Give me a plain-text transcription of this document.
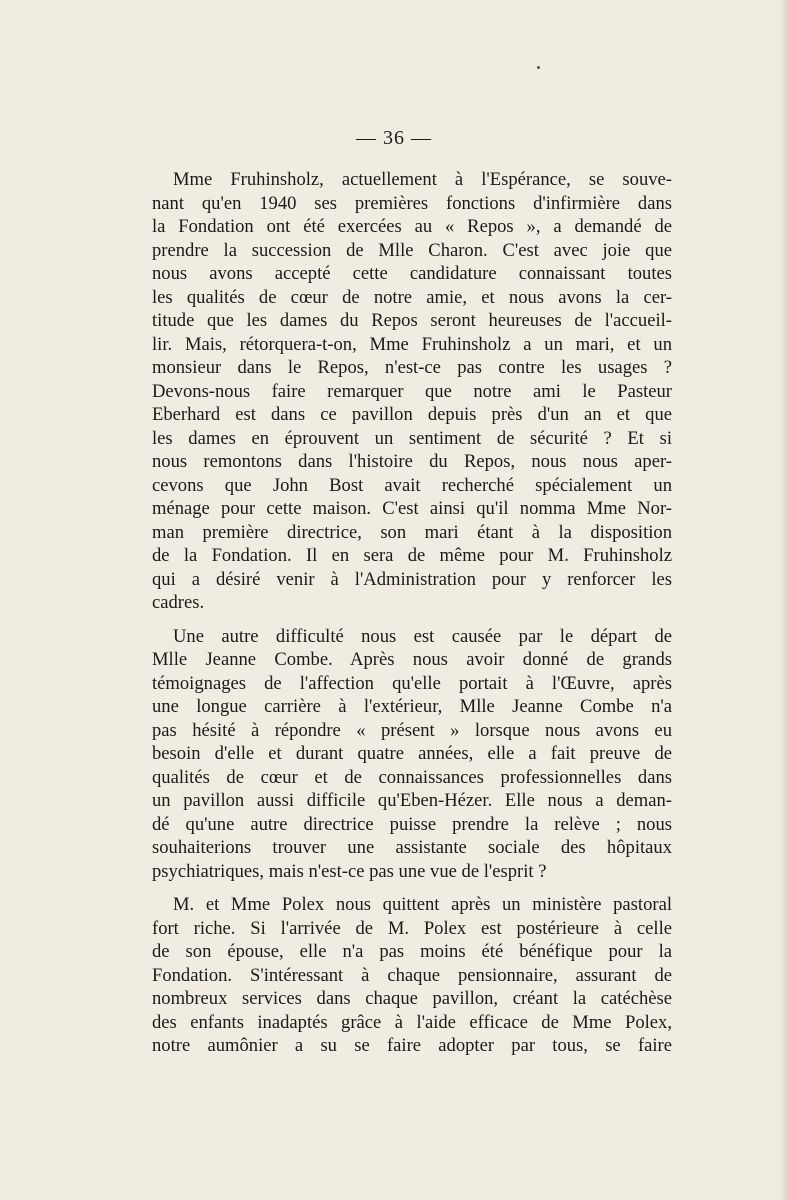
— 36 —
Mme Fruhinsholz, actuellement à l'Espérance, se souve-
nant qu'en 1940 ses premières fonctions d'infirmière dans
la Fondation ont été exercées au « Repos », a demandé de
prendre la succession de Mlle Charon. C'est avec joie que
nous avons accepté cette candidature connaissant toutes
les qualités de cœur de notre amie, et nous avons la cer-
titude que les dames du Repos seront heureuses de l'accueil-
lir. Mais, rétorquera-t-on, Mme Fruhinsholz a un mari, et un
monsieur dans le Repos, n'est-ce pas contre les usages ?
Devons-nous faire remarquer que notre ami le Pasteur
Eberhard est dans ce pavillon depuis près d'un an et que
les dames en éprouvent un sentiment de sécurité ? Et si
nous remontons dans l'histoire du Repos, nous nous aper-
cevons que John Bost avait recherché spécialement un
ménage pour cette maison. C'est ainsi qu'il nomma Mme Nor-
man première directrice, son mari étant à la disposition
de la Fondation. Il en sera de même pour M. Fruhinsholz
qui a désiré venir à l'Administration pour y renforcer les
cadres.
Une autre difficulté nous est causée par le départ de
Mlle Jeanne Combe. Après nous avoir donné de grands
témoignages de l'affection qu'elle portait à l'Œuvre, après
une longue carrière à l'extérieur, Mlle Jeanne Combe n'a
pas hésité à répondre « présent » lorsque nous avons eu
besoin d'elle et durant quatre années, elle a fait preuve de
qualités de cœur et de connaissances professionnelles dans
un pavillon aussi difficile qu'Eben-Hézer. Elle nous a deman-
dé qu'une autre directrice puisse prendre la relève ; nous
souhaiterions trouver une assistante sociale des hôpitaux
psychiatriques, mais n'est-ce pas une vue de l'esprit ?
M. et Mme Polex nous quittent après un ministère pastoral
fort riche. Si l'arrivée de M. Polex est postérieure à celle
de son épouse, elle n'a pas moins été bénéfique pour la
Fondation. S'intéressant à chaque pensionnaire, assurant de
nombreux services dans chaque pavillon, créant la catéchèse
des enfants inadaptés grâce à l'aide efficace de Mme Polex,
notre aumônier a su se faire adopter par tous, se faire
